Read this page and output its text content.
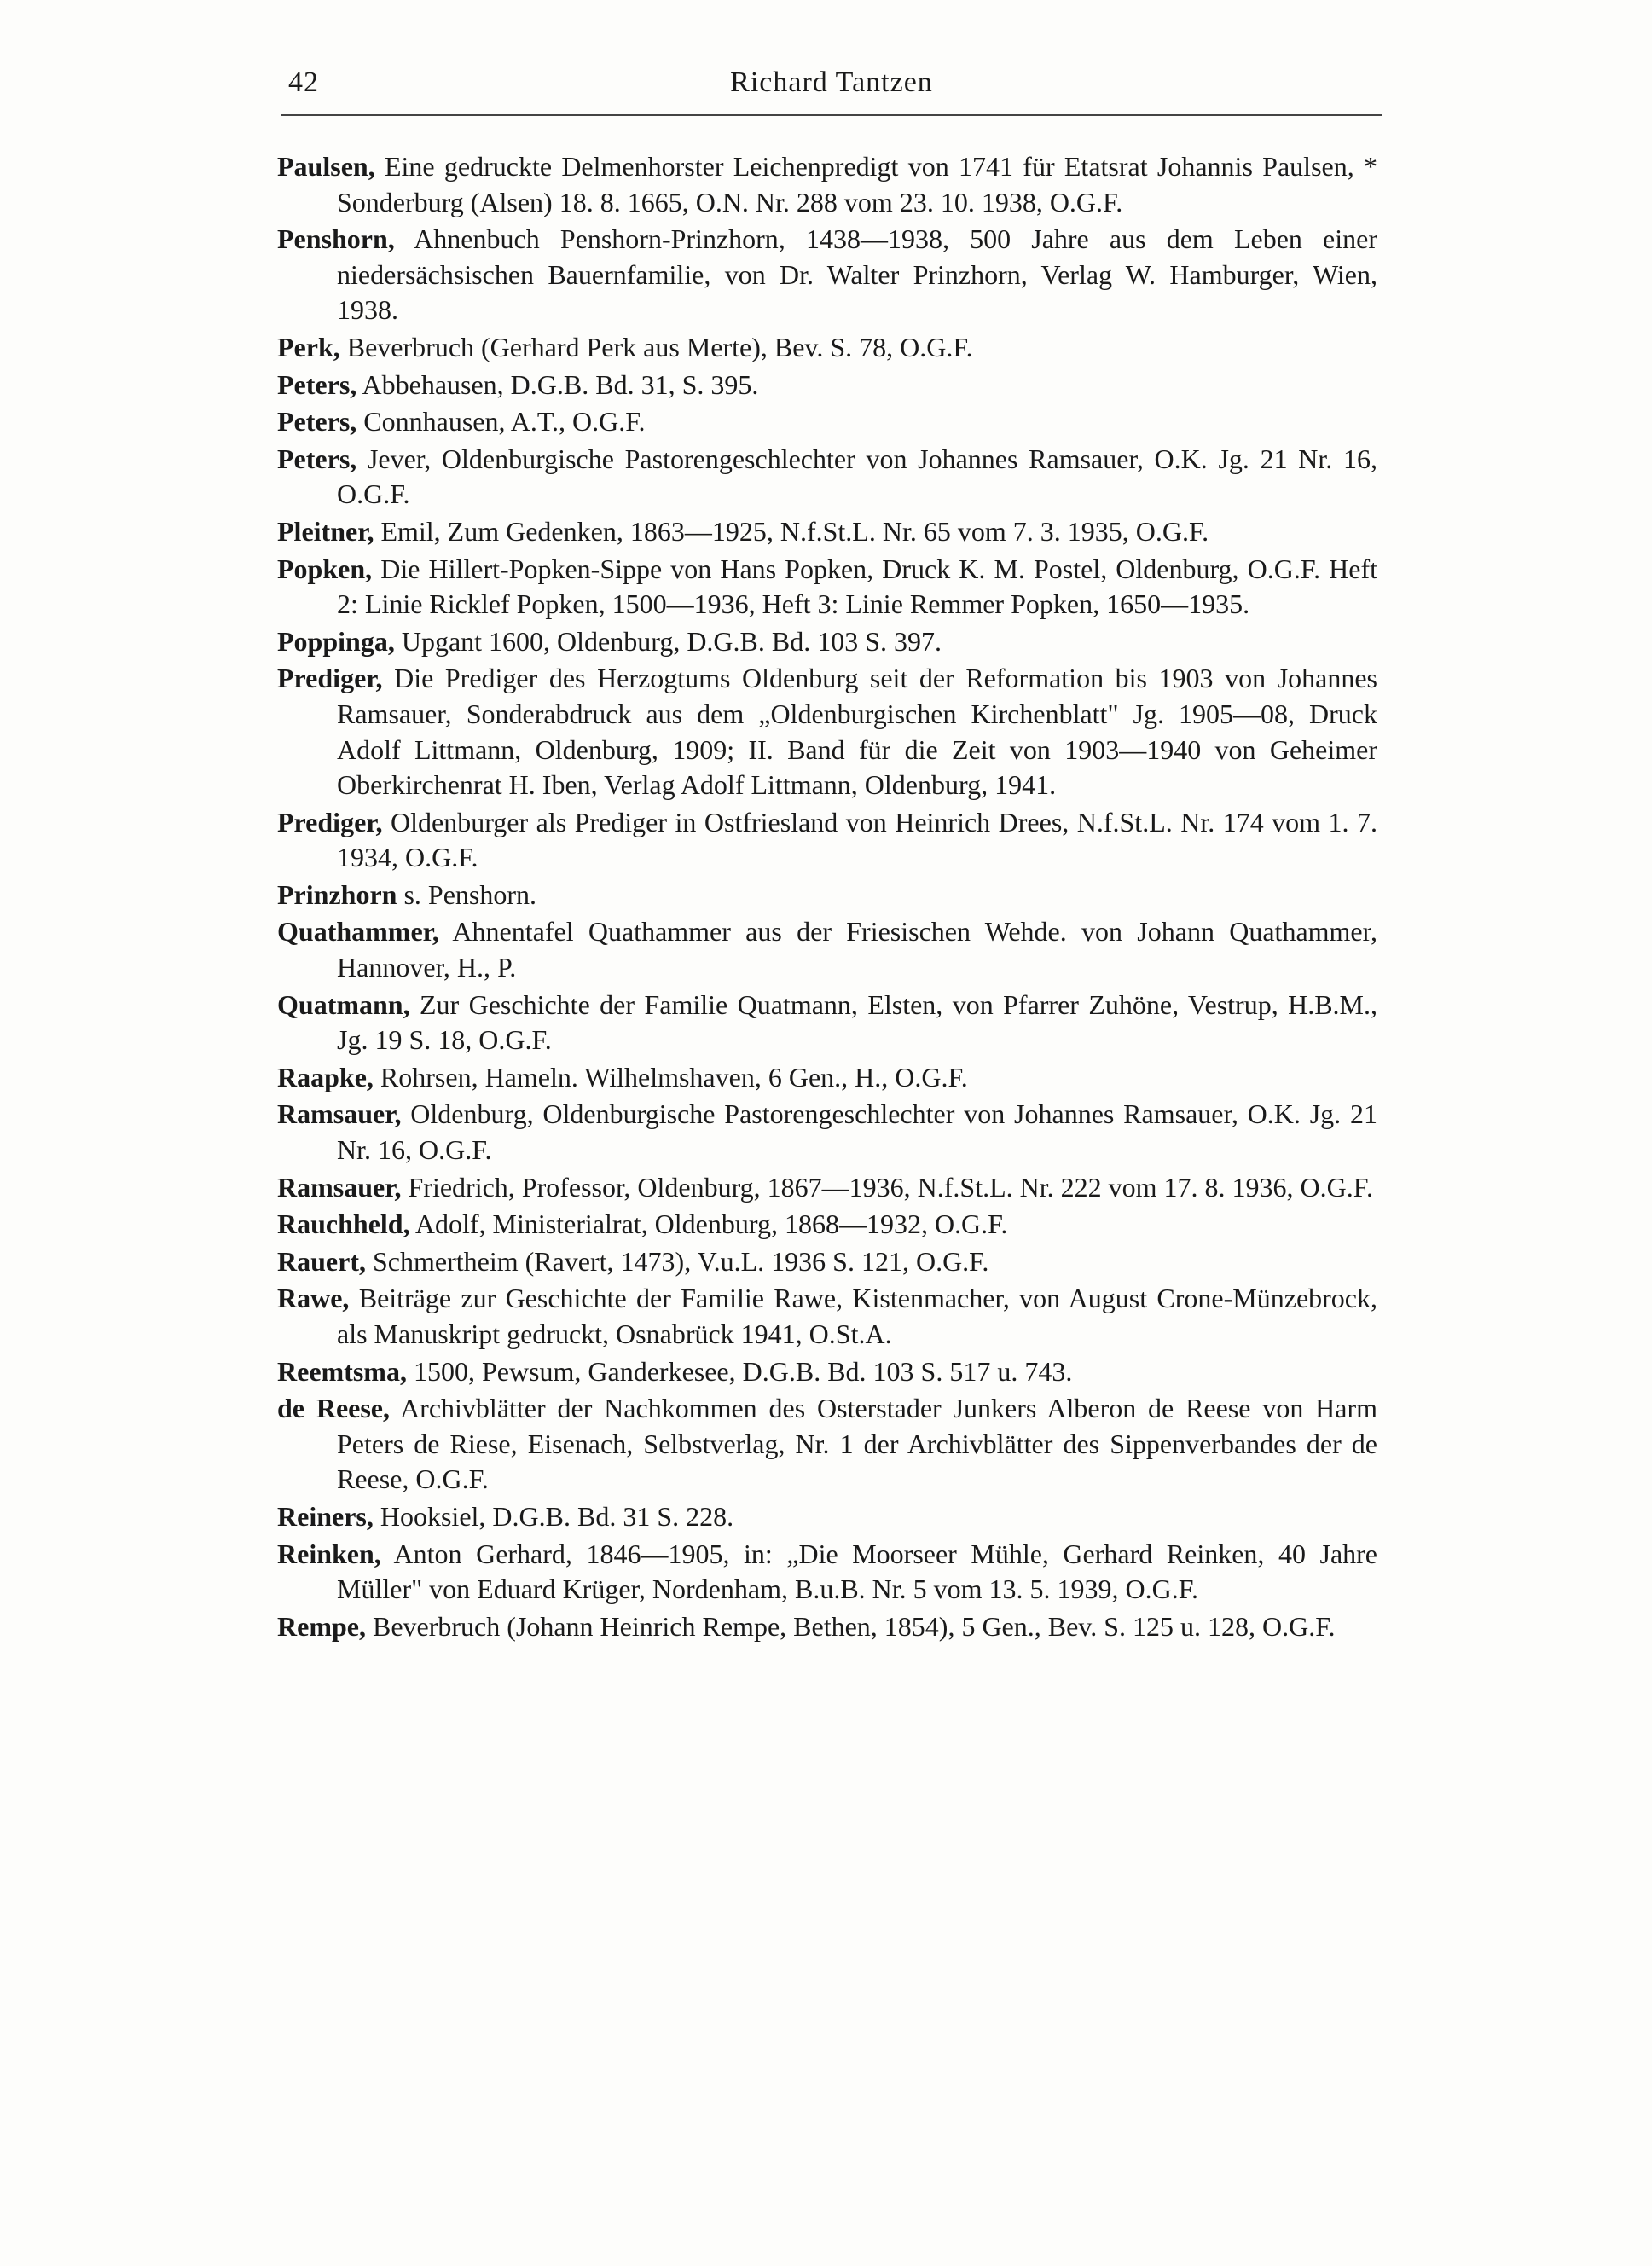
42	Richard Tantzen

Paulsen, Eine gedruckte Delmenhorster Leichenpredigt von 1741 für Etatsrat Johannis Paulsen, * Sonderburg (Alsen) 18. 8. 1665, O.N. Nr. 288 vom 23. 10. 1938, O.G.F.

Penshorn, Ahnenbuch Penshorn-Prinzhorn, 1438—1938, 500 Jahre aus dem Leben einer niedersächsischen Bauernfamilie, von Dr. Walter Prinzhorn, Verlag W. Hamburger, Wien, 1938.

Perk, Beverbruch (Gerhard Perk aus Merte), Bev. S. 78, O.G.F.

Peters, Abbehausen, D.G.B. Bd. 31, S. 395.

Peters, Connhausen, A.T., O.G.F.

Peters, Jever, Oldenburgische Pastorengeschlechter von Johannes Ramsauer, O.K. Jg. 21 Nr. 16, O.G.F.

Pleitner, Emil, Zum Gedenken, 1863—1925, N.f.St.L. Nr. 65 vom 7. 3. 1935, O.G.F.

Popken, Die Hillert-Popken-Sippe von Hans Popken, Druck K. M. Postel, Oldenburg, O.G.F. Heft 2: Linie Ricklef Popken, 1500—1936, Heft 3: Linie Remmer Popken, 1650—1935.

Poppinga, Upgant 1600, Oldenburg, D.G.B. Bd. 103 S. 397.

Prediger, Die Prediger des Herzogtums Oldenburg seit der Reformation bis 1903 von Johannes Ramsauer, Sonderabdruck aus dem „Oldenburgischen Kirchenblatt" Jg. 1905—08, Druck Adolf Littmann, Oldenburg, 1909; II. Band für die Zeit von 1903—1940 von Geheimer Oberkirchenrat H. Iben, Verlag Adolf Littmann, Oldenburg, 1941.

Prediger, Oldenburger als Prediger in Ostfriesland von Heinrich Drees, N.f.St.L. Nr. 174 vom 1. 7. 1934, O.G.F.

Prinzhorn s. Penshorn.

Quathammer, Ahnentafel Quathammer aus der Friesischen Wehde. von Johann Quathammer, Hannover, H., P.

Quatmann, Zur Geschichte der Familie Quatmann, Elsten, von Pfarrer Zuhöne, Vestrup, H.B.M., Jg. 19 S. 18, O.G.F.

Raapke, Rohrsen, Hameln. Wilhelmshaven, 6 Gen., H., O.G.F.

Ramsauer, Oldenburg, Oldenburgische Pastorengeschlechter von Johannes Ramsauer, O.K. Jg. 21 Nr. 16, O.G.F.

Ramsauer, Friedrich, Professor, Oldenburg, 1867—1936, N.f.St.L. Nr. 222 vom 17. 8. 1936, O.G.F.

Rauchheld, Adolf, Ministerialrat, Oldenburg, 1868—1932, O.G.F.

Rauert, Schmertheim (Ravert, 1473), V.u.L. 1936 S. 121, O.G.F.

Rawe, Beiträge zur Geschichte der Familie Rawe, Kistenmacher, von August Crone-Münzebrock, als Manuskript gedruckt, Osnabrück 1941, O.St.A.

Reemtsma, 1500, Pewsum, Ganderkesee, D.G.B. Bd. 103 S. 517 u. 743.

de Reese, Archivblätter der Nachkommen des Osterstader Junkers Alberon de Reese von Harm Peters de Riese, Eisenach, Selbstverlag, Nr. 1 der Archivblätter des Sippenverbandes der de Reese, O.G.F.

Reiners, Hooksiel, D.G.B. Bd. 31 S. 228.

Reinken, Anton Gerhard, 1846—1905, in: „Die Moorseer Mühle, Gerhard Reinken, 40 Jahre Müller" von Eduard Krüger, Nordenham, B.u.B. Nr. 5 vom 13. 5. 1939, O.G.F.

Rempe, Beverbruch (Johann Heinrich Rempe, Bethen, 1854), 5 Gen., Bev. S. 125 u. 128, O.G.F.
